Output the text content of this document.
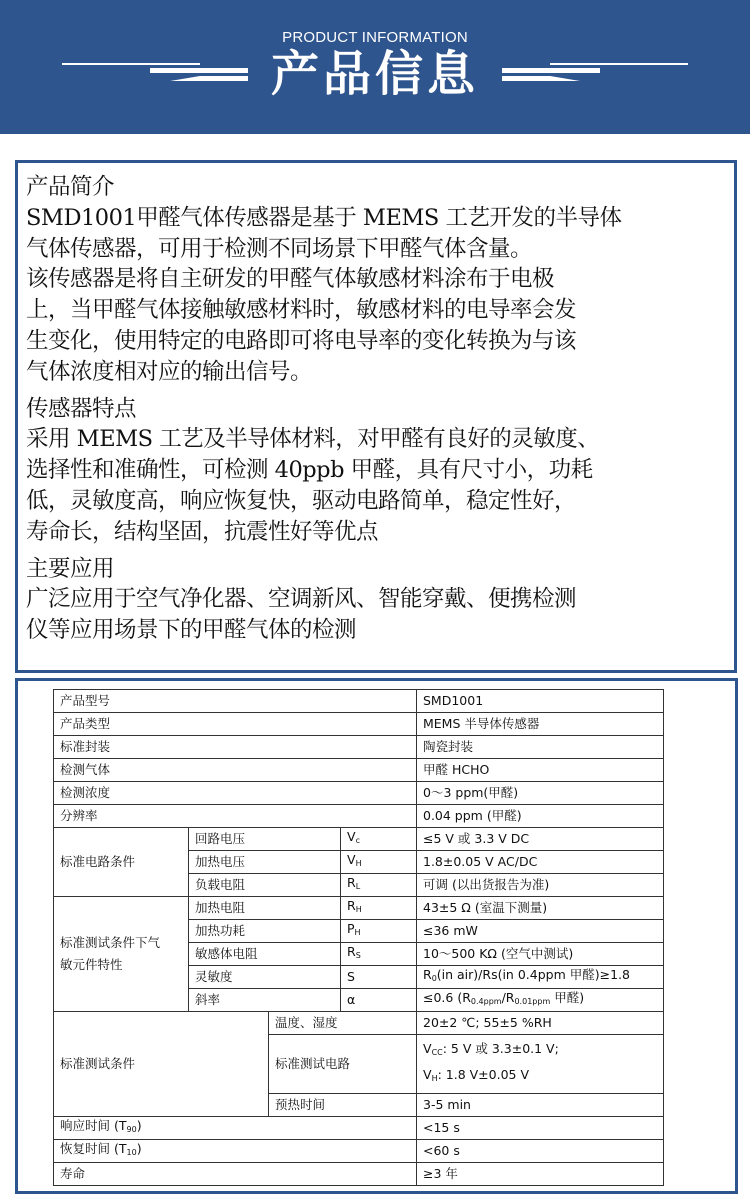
PRODUCT INFORMATION
产品信息
产品简介
SMD1001甲醛气体传感器是基于 MEMS 工艺开发的半导体
气体传感器，可用于检测不同场景下甲醛气体含量。
该传感器是将自主研发的甲醛气体敏感材料涂布于电极
上，当甲醛气体接触敏感材料时，敏感材料的电导率会发
生变化，使用特定的电路即可将电导率的变化转换为与该
气体浓度相对应的输出信号。
传感器特点
采用 MEMS 工艺及半导体材料，对甲醛有良好的灵敏度、
选择性和准确性，可检测 40ppb 甲醛，具有尺寸小，功耗
低，灵敏度高，响应恢复快，驱动电路简单，稳定性好，
寿命长，结构坚固，抗震性好等优点
主要应用
广泛应用于空气净化器、空调新风、智能穿戴、便携检测
仪等应用场景下的甲醛气体的检测
产品型号				SMD1001
产品类型				MEMS 半导体传感器
标准封装				陶瓷封装
检测气体				甲醛 HCHO
检测浓度				0～3 ppm(甲醛)
分辨率				0.04 ppm (甲醛)
标准电路条件	回路电压		$V_c$	≤5 V 或 3.3 V DC
	加热电压		$V_H$	1.8±0.05 V AC/DC
	负载电阻		$R_L$	可调 (以出货报告为准)
标准测试条件下气
敏元件特性	加热电阻		$R_H$	43±5 Ω (室温下测量)
	加热功耗		$P_H$	≤36 mW
	敏感体电阻		$R_S$	10～500 KΩ (空气中测试)
	灵敏度		S	$R_0(in$ air)/Rs(in 0.4ppm 甲醛)≥1.8
	斜率		α	≤0.6 ($R_{0.4ppm}/R_{0.01ppm}$ 甲醛)
标准测试条件		温度、湿度		20±2 ℃; 55±5 %RH
		标准测试电路		$V_{CC}$: 5 V 或 3.3±0.1 V;
$V_H$: 1.8 V±0.05 V
		预热时间		3-5 min
响应时间 $(T_{90})$				<15 s
恢复时间 $(T_{10})$				<60 s
寿命				≥3 年
